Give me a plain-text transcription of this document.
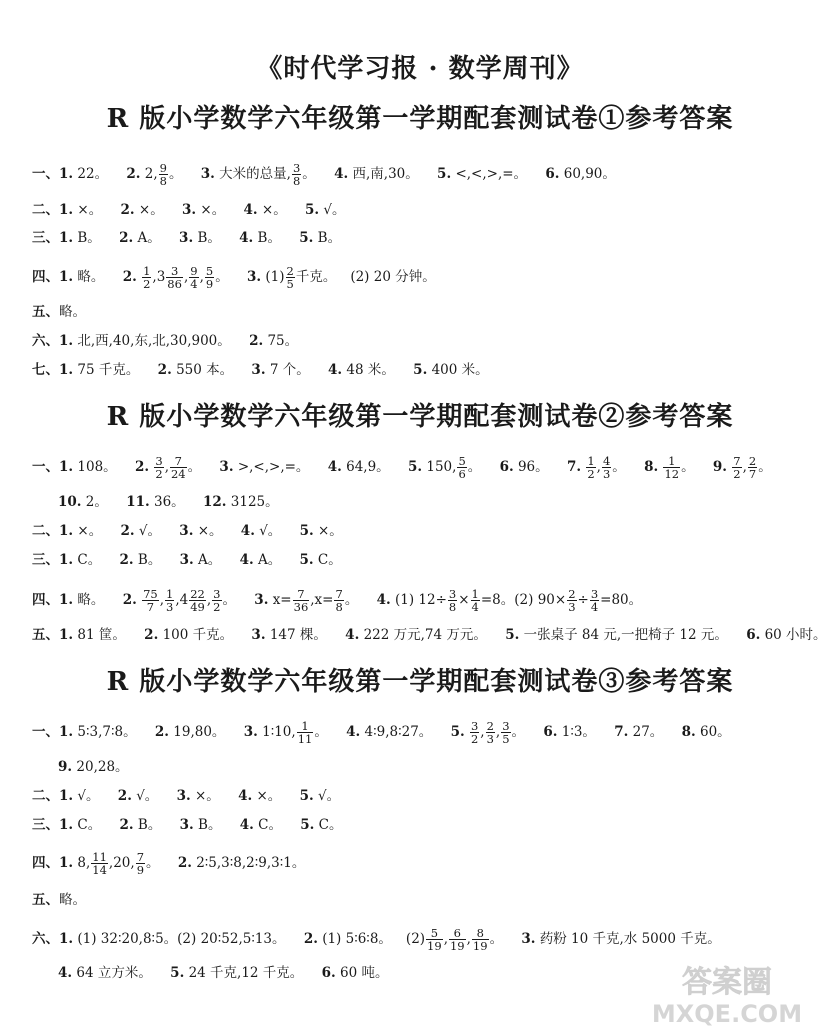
《时代学习报 · 数学周刊》
R 版小学数学六年级第一学期配套测试卷①参考答案
一、1. 22。 2. 2, $\frac{9}{8}$ 。 3. 大米的总量, $\frac{3}{8}$ 。 4. 西,南,30。 5. <,<,>,=。 6. 60,90。
二、1. ×。 2. ×。 3. ×。 4. ×。 5. √。
三、1. B。 2. A。 3. B。 4. B。 5. B。
四、1. 略。 2. $\frac{1}{2} ,3 \frac{3}{86}$ , $\frac{9}{4}$ , $\frac{5}{9}$ 。 3. $(1) \frac{2}{5}$ 千克。 (2) 20 分钟。
五、略。
六、1. 北,西,40,东,北,30,900。 2. 75。
七、1. 75 千克。 2. 550 本。 3. 7 个。 4. 48 米。 5. 400 米。
R 版小学数学六年级第一学期配套测试卷②参考答案
一、1. 108。 2. $\frac{3}{2}$ , $\frac{7}{24}$ 。 3. >,<,>,=。 4. 64,9。 5. 150, $\frac{5}{6}$ 。 6. 96。 7. $\frac{1}{2}$ , $\frac{4}{3}$ 。 8. $\frac{1}{12}$ 。 9. $\frac{7}{2}$ , $\frac{2}{7}$ 。
10. 2。 11. 36。 12. 3125。
二、1. ×。 2. √。 3. ×。 4. √。 5. ×。
三、1. C。 2. B。 3. A。 4. A。 5. C。
四、1. 略。 2. $\frac{75}{7}$ , $\frac{1}{3} ,4 \frac{22}{49}$ , $\frac{3}{2}$ 。 3. $x= \frac{7}{36} ,x= \frac{7}{8}$ 。 4. (1) $12\div \frac{3}{8} \times \frac{1}{4} =8$。(2) $90\times \frac{2}{3} \div \frac{3}{4} =80$。
五、1. 81 筐。 2. 100 千克。 3. 147 棵。 4. 222 万元,74 万元。 5. 一张桌子 84 元,一把椅子 12 元。 6. 60 小时。
R 版小学数学六年级第一学期配套测试卷③参考答案
一、1. 5∶3,7∶8。 2. 19,80。 3. 1∶10, $\frac{1}{11}$ 。 4. 4∶9,8∶27。 5. $\frac{3}{2}$ , $\frac{2}{3}$ , $\frac{3}{5}$ 。 6. 1∶3。 7. 27。 8. 60。
9. 20,28。
二、1. √。 2. √。 3. ×。 4. ×。 5. √。
三、1. C。 2. B。 3. B。 4. C。 5. C。
四、1. 8, $\frac{11}{14} ,20$, $\frac{7}{9}$ 。 2. 2∶5,3∶8,2∶9,3∶1。
五、略。
六、1. (1) 32∶20,8∶5。(2) 20∶52,5∶13。 2. (1) 5∶6∶8。 $(2) \frac{5}{19}$ , $\frac{6}{19}$ , $\frac{8}{19}$ 。 3. 药粉 10 千克,水 5000 千克。
4. 64 立方米。 5. 24 千克,12 千克。 6. 60 吨。	答案圈
MXQE.COM
